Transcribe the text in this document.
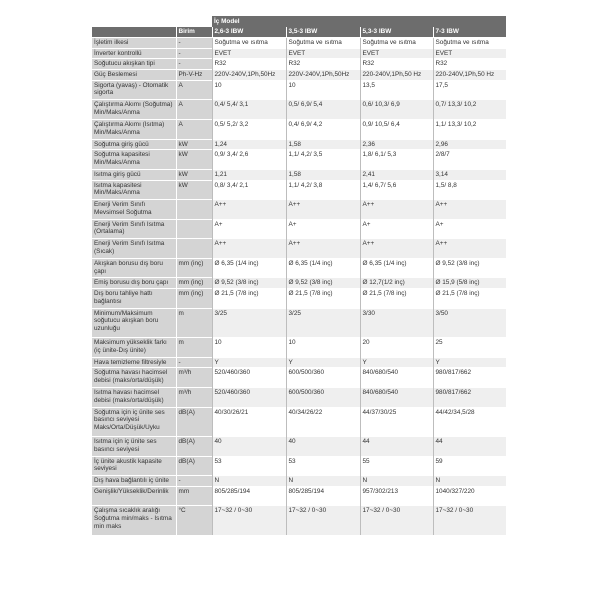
		İç Model			
	Birim	2,6-3 IBW	3,5-3 IBW	5,3-3 IBW	7-3 IBW
İşletim ilkesi	-	Soğutma ve ısıtma	Soğutma ve ısıtma	Soğutma ve ısıtma	Soğutma ve ısıtma
İnverter kontrollü	-	EVET	EVET	EVET	EVET
Soğutucu akışkan tipi	-	R32	R32	R32	R32
Güç Beslemesi	Ph-V-Hz	220V-240V,1Ph,50Hz	220V-240V,1Ph,50Hz	220-240V,1Ph,50 Hz	220-240V,1Ph,50 Hz
Sigorta (yavaş) - Otomatik sigorta	A	10	10	13,5	17,5
Çalıştırma Akımı (Soğutma) Min/Maks/Anma	A	0,4/ 5,4/ 3,1	0,5/ 6,9/ 5,4	0,6/ 10,3/ 6,9	0,7/ 13,3/ 10,2
Çalıştırma Akımı (Isıtma) Min/Maks/Anma	A	0,5/ 5,2/ 3,2	0,4/ 6,9/ 4,2	0,9/ 10,5/ 6,4	1,1/ 13,3/ 10,2
Soğutma giriş gücü	kW	1,24	1,58	2,36	2,96
Soğutma kapasitesi Min/Maks/Anma	kW	0,9/ 3,4/ 2,6	1,1/ 4,2/ 3,5	1,8/ 6,1/ 5,3	2/8/7
Isıtma giriş gücü	kW	1,21	1,58	2,41	3,14
Isıtma kapasitesi Min/Maks/Anma	kW	0,8/ 3,4/ 2,1	1,1/ 4,2/ 3,8	1,4/ 6,7/ 5,6	1,5/ 8,8
Enerji Verim Sınıfı Mevsimsel Soğutma		A++	A++	A++	A++
Enerji Verim Sınıfı Isıtma (Ortalama)		A+	A+	A+	A+
Enerji Verim Sınıfı Isıtma (Sıcak)		A++	A++	A++	A++
Akışkan borusu dış boru çapı	mm (inç)	Ø 6,35 (1/4 inç)	Ø 6,35 (1/4 inç)	Ø 6,35 (1/4 inç)	Ø 9,52 (3/8 inç)
Emiş borusu dış boru çapı	mm (inç)	Ø 9,52 (3/8 inç)	Ø 9,52 (3/8 inç)	Ø 12,7(1/2 inç)	Ø 15,9 (5/8 inç)
Dış boru tahliye hattı bağlantısı	mm (inç)	Ø 21,5 (7/8 inç)	Ø 21,5 (7/8 inç)	Ø 21,5 (7/8 inç)	Ø 21,5 (7/8 inç)
Minimum/Maksimum soğutucu akışkan boru uzunluğu	m	3/25	3/25	3/30	3/50
Maksimum yükseklik farkı (iç ünite-Dış ünite)	m	10	10	20	25
Hava temizleme filtresiyle	-	Y	Y	Y	Y
Soğutma havası hacimsel debisi (maks/orta/düşük)	m³/h	520/460/360	600/500/360	840/680/540	980/817/662
Isıtma havası hacimsel debisi (maks/orta/düşük)	m³/h	520/460/360	600/500/360	840/680/540	980/817/662
Soğutma için iç ünite ses basıncı seviyesi Maks/Orta/Düşük/Uyku	dB(A)	40/30/26/21	40/34/26/22	44/37/30/25	44/42/34,5/28
Isıtma için iç ünite ses basıncı seviyesi	dB(A)	40	40	44	44
İç ünite akustik kapasite seviyesi	dB(A)	53	53	55	59
Dış hava bağlantılı iç ünite	-	N	N	N	N
Genişlik/Yükseklik/Derinlik	mm	805/285/194	805/285/194	957/302/213	1040/327/220
Çalışma sıcaklık aralığı Soğutma min/maks - Isıtma min maks	°C	17~32 / 0~30	17~32 / 0~30	17~32 / 0~30	17~32 / 0~30
